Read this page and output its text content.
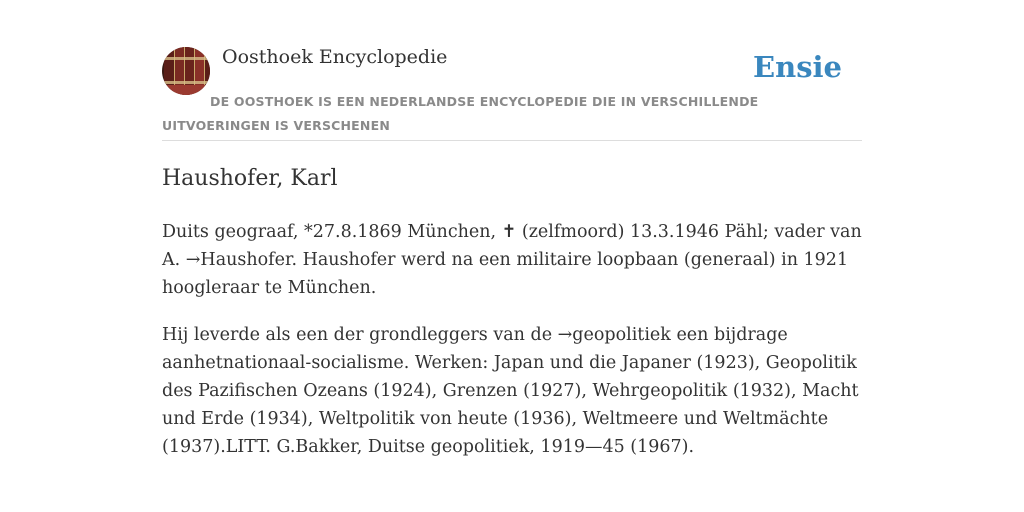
Oosthoek Encyclopedie	Ensie
DE OOSTHOEK IS EEN NEDERLANDSE ENCYCLOPEDIE DIE IN VERSCHILLENDE UITVOERINGEN IS VERSCHENEN
Haushofer, Karl

Duits geograaf, *27.8.1869 München, ✝ (zelfmoord) 13.3.1946 Pähl; vader van A. →Haushofer. Haushofer werd na een militaire loopbaan (generaal) in 1921 hoogleraar te München.

Hij leverde als een der grondleggers van de →geopolitiek een bijdrage aanhetnationaal-socialisme. Werken: Japan und die Japaner (1923), Geopolitik des Pazifischen Ozeans (1924), Grenzen (1927), Wehrgeopolitik (1932), Macht und Erde (1934), Weltpolitik von heute (1936), Weltmeere und Weltmächte (1937).LITT. G.Bakker, Duitse geopolitiek, 1919—45 (1967).
